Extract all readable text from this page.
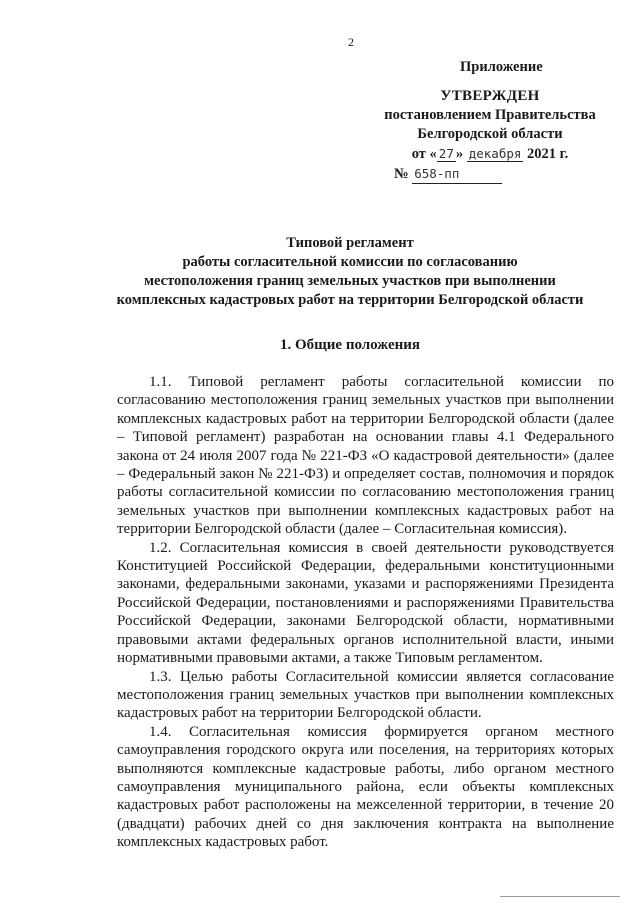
2
Приложение
УТВЕРЖДЕН
постановлением Правительства
Белгородской области
от « 27 » декабря 2021 г.
№ 658-пп
Типовой регламент
работы согласительной комиссии по согласованию
местоположения границ земельных участков при выполнении
комплексных кадастровых работ на территории Белгородской области
1. Общие положения

1.1. Типовой регламент работы согласительной комиссии по согласованию местоположения границ земельных участков при выполнении комплексных кадастровых работ на территории Белгородской области (далее – Типовой регламент) разработан на основании главы 4.1 Федерального закона от 24 июля 2007 года № 221-ФЗ «О кадастровой деятельности» (далее – Федеральный закон № 221-ФЗ) и определяет состав, полномочия и порядок работы согласительной комиссии по согласованию местоположения границ земельных участков при выполнении комплексных кадастровых работ на территории Белгородской области (далее – Согласительная комиссия).

1.2. Согласительная комиссия в своей деятельности руководствуется Конституцией Российской Федерации, федеральными конституционными законами, федеральными законами, указами и распоряжениями Президента Российской Федерации, постановлениями и распоряжениями Правительства Российской Федерации, законами Белгородской области, нормативными правовыми актами федеральных органов исполнительной власти, иными нормативными правовыми актами, а также Типовым регламентом.

1.3. Целью работы Согласительной комиссии является согласование местоположения границ земельных участков при выполнении комплексных кадастровых работ на территории Белгородской области.

1.4. Согласительная комиссия формируется органом местного самоуправления городского округа или поселения, на территориях которых выполняются комплексные кадастровые работы, либо органом местного самоуправления муниципального района, если объекты комплексных кадастровых работ расположены на межселенной территории, в течение 20 (двадцати) рабочих дней со дня заключения контракта на выполнение комплексных кадастровых работ.
